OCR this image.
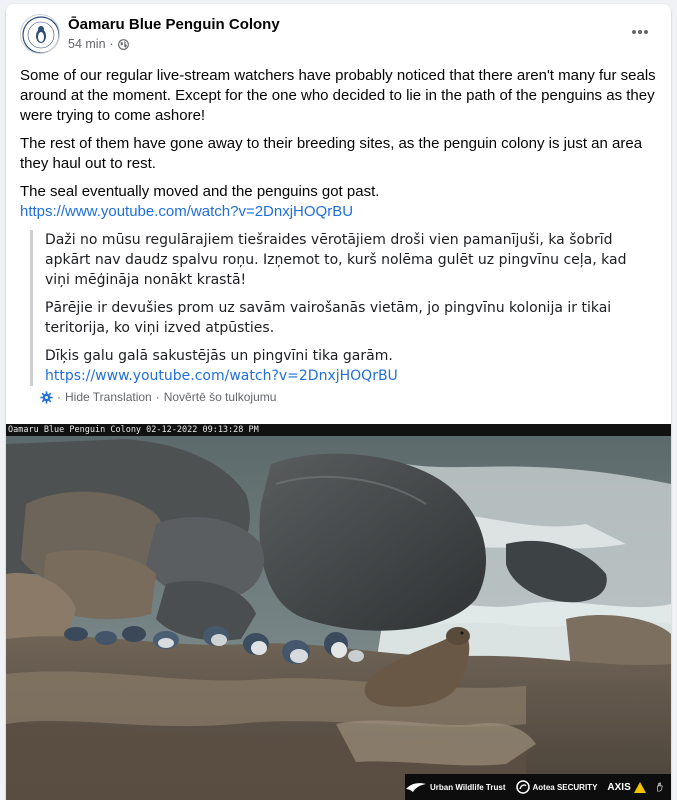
Ōamaru Blue Penguin Colony
54 min ·

Some of our regular live-stream watchers have probably noticed that there aren't many fur seals around at the moment. Except for the one who decided to lie in the path of the penguins as they were trying to come ashore!

The rest of them have gone away to their breeding sites, as the penguin colony is just an area they haul out to rest.

The seal eventually moved and the penguins got past.
https://www.youtube.com/watch?v=2DnxjHOQrBU

Daži no mūsu regulārajiem tiešraides vērotājiem droši vien pamanījuši, ka šobrīd apkārt nav daudz spalvu roņu. Izņemot to, kurš nolēma gulēt uz pingvīnu ceļa, kad viņi mēģināja nonākt krastā!

Pārējie ir devušies prom uz savām vairošanās vietām, jo pingvīnu kolonija ir tikai teritorija, ko viņi izved atpūsties.

Dīķis galu galā sakustējās un pingvīni tika garām.
https://www.youtube.com/watch?v=2DnxjHOQrBU

· Hide Translation · Novērtē šo tulkojumu
Oamaru Blue Penguin Colony 02-12-2022 09:13:28 PM
Urban Wildlife Trust	Aotea SECURITY AXIS
